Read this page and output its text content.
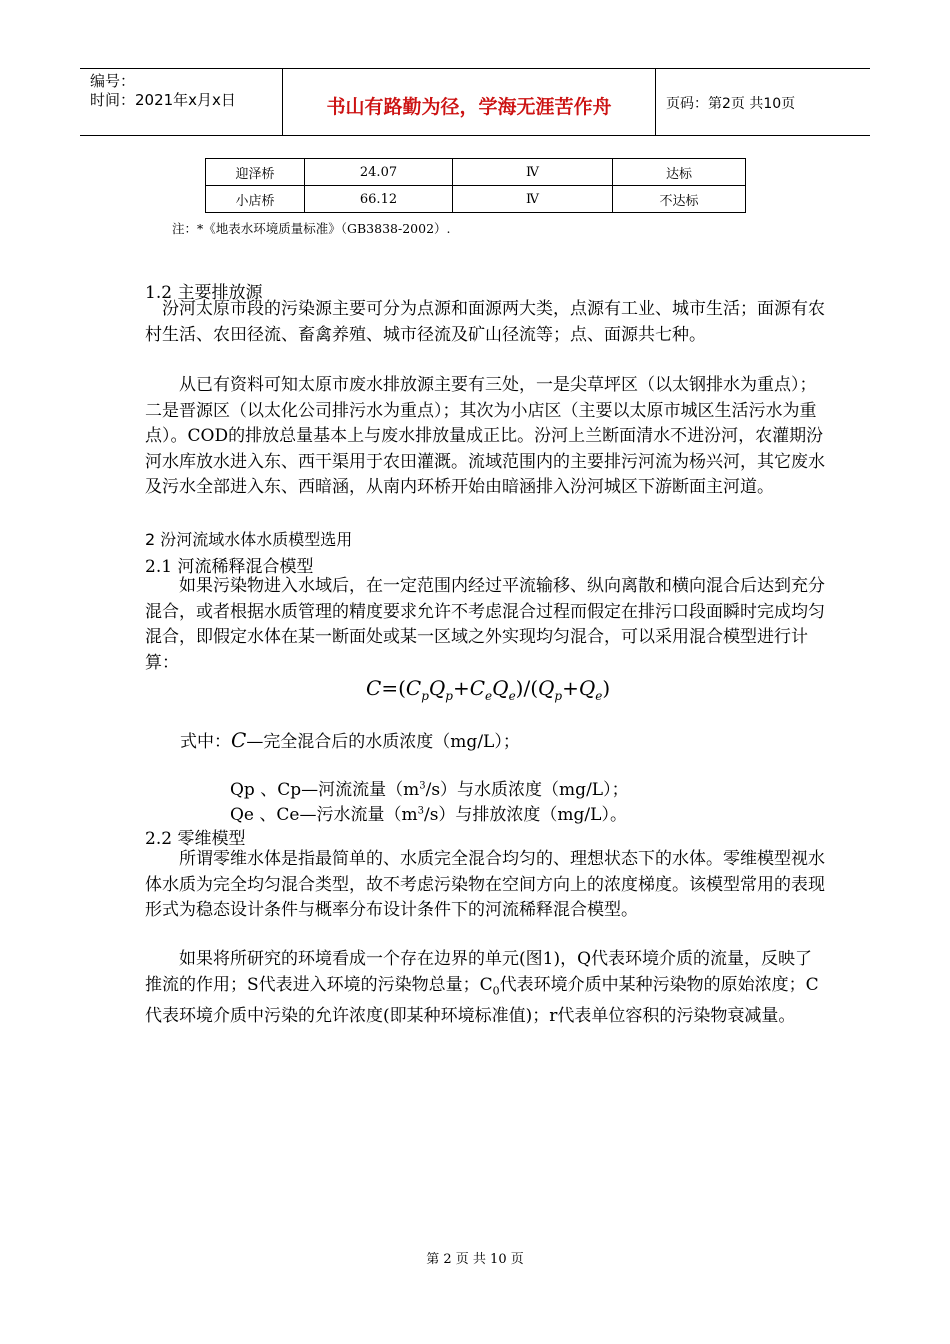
编号：
时间：2021年x月x日	书山有路勤为径，学海无涯苦作舟	页码：第2页 共10页
迎泽桥	24.07	Ⅳ	达标
小店桥	66.12	Ⅳ	不达标
注：*《地表水环境质量标准》（GB3838-2002）.
1.2 主要排放源
　汾河太原市段的污染源主要可分为点源和面源两大类，点源有工业、城市生活；面源有农村生活、农田径流、畜禽养殖、城市径流及矿山径流等；点、面源共七种。
　　从已有资料可知太原市废水排放源主要有三处，一是尖草坪区（以太钢排水为重点）；二是晋源区（以太化公司排污水为重点）；其次为小店区（主要以太原市城区生活污水为重点）。COD的排放总量基本上与废水排放量成正比。汾河上兰断面清水不进汾河，农灌期汾河水库放水进入东、西干渠用于农田灌溉。流域范围内的主要排污河流为杨兴河，其它废水及污水全部进入东、西暗涵，从南内环桥开始由暗涵排入汾河城区下游断面主河道。
2 汾河流域水体水质模型选用
2.1 河流稀释混合模型
　　如果污染物进入水域后，在一定范围内经过平流输移、纵向离散和横向混合后达到充分混合，或者根据水质管理的精度要求允许不考虑混合过程而假定在排污口段面瞬时完成均匀混合，即假定水体在某一断面处或某一区域之外实现均匀混合，可以采用混合模型进行计算：
$C=(C_pQ_p+C_eQ_e)/(Q_p+Q_e)$
式中：C—完全混合后的水质浓度（mg/L）；
Qp 、Cp—河流流量$(m^3/s)$与水质浓度（mg/L）；
Qe 、Ce—污水流量$(m^3/s)$与排放浓度（mg/L）。
2.2 零维模型
　　所谓零维水体是指最简单的、水质完全混合均匀的、理想状态下的水体。零维模型视水体水质为完全均匀混合类型，故不考虑污染物在空间方向上的浓度梯度。该模型常用的表现形式为稳态设计条件与概率分布设计条件下的河流稀释混合模型。
　　如果将所研究的环境看成一个存在边界的单元(图1)，Q代表环境介质的流量，反映了推流的作用；S代表进入环境的污染物总量；$C_0$代表环境介质中某种污染物的原始浓度；C代表环境介质中污染的允许浓度(即某种环境标准值)；r代表单位容积的污染物衰减量。
第 2 页 共 10 页
